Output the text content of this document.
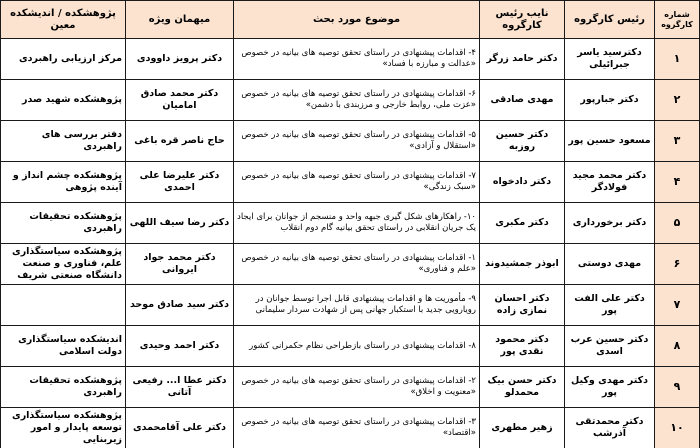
شماره کارگروه	رئیس کارگروه	نایب رئیس کارگروه	موضوع مورد بحث	میهمان ویژه	پژوهشکده / اندیشکده معین
۱	دکترسید یاسر جبرائیلی	دکتر حامد زرگر	۴- اقدامات پیشنهادی در راستای تحقق توصیه های بیانیه در خصوص «عدالت و مبارزه با فساد»	دکتر پرویز داوودی	مرکز ارزیابی راهبردی
۲	دکتر جبارپور	مهدی صادقی	۶- اقدامات پیشنهادی در راستای تحقق توصیه های بیانیه در خصوص «عزت ملی، روابط خارجی و مرزبندی با دشمن»	دکتر محمد صادق امامیان	پژوهشکده شهید صدر
۳	مسعود حسین پور	دکتر حسین روزبه	۵- اقدامات پیشنهادی در راستای تحقق توصیه های بیانیه در خصوص «استقلال و آزادی»	حاج ناصر قره باغی	دفتر بررسی های راهبردی
۴	دکتر محمد مجید فولادگر	دکتر دادخواه	۷- اقدامات پیشنهادی در راستای تحقق توصیه های بیانیه در خصوص «سبک زندگی»	دکتر علیرضا علی احمدی	پژوهشکده چشم انداز و آینده پژوهی
۵	دکتر برخورداری	دکتر مکبری	۱۰- راهکارهای شکل گیری جبهه واحد و منسجم از جوانان برای ایجاد یک جریان انقلابی در راستای تحقق بیانیه گام دوم انقلاب	دکتر رضا سیف اللهی	پژوهشکده تحقیقات راهبردی
۶	مهدی دوستی	ابوذر جمشیدوند	۱- اقدامات پیشنهادی در راستای تحقق توصیه های بیانیه در خصوص «علم و فناوری»	دکتر محمد جواد ایروانی	پژوهشکده سیاستگذاری علم، فناوری و صنعت دانشگاه صنعتی شریف
۷	دکتر علی الفت پور	دکتر احسان نمازی زاده	۹- مأموریت ها و اقدامات پیشنهادی قابل اجرا توسط جوانان در رویارویی جدید با استکبار جهانی پس از شهادت سردار سلیمانی	دکتر سید صادق موحد	
۸	دکتر حسین عرب اسدی	دکتر محمود نقدی پور	۸- اقدامات پیشنهادی در راستای بازطراحی نظام حکمرانی کشور	دکتر احمد وحیدی	اندیشکده سیاستگذاری دولت اسلامی
۹	دکتر مهدی وکیل پور	دکتر حسن بیک محمدلو	۲- اقدامات پیشنهادی در راستای تحقق توصیه های بیانیه در خصوص «معنویت و اخلاق»	دکتر عطا ا... رفیعی آتانی	پژوهشکده تحقیقات راهبردی
۱۰	دکتر محمدتقی آذرشب	زهیر مطهری	۳- اقدامات پیشنهادی در راستای تحقق توصیه های بیانیه در خصوص «اقتصاد»	دکتر علی آقامحمدی	پژوهشکده سیاستگذاری توسعه پایدار و امور زیربنایی
